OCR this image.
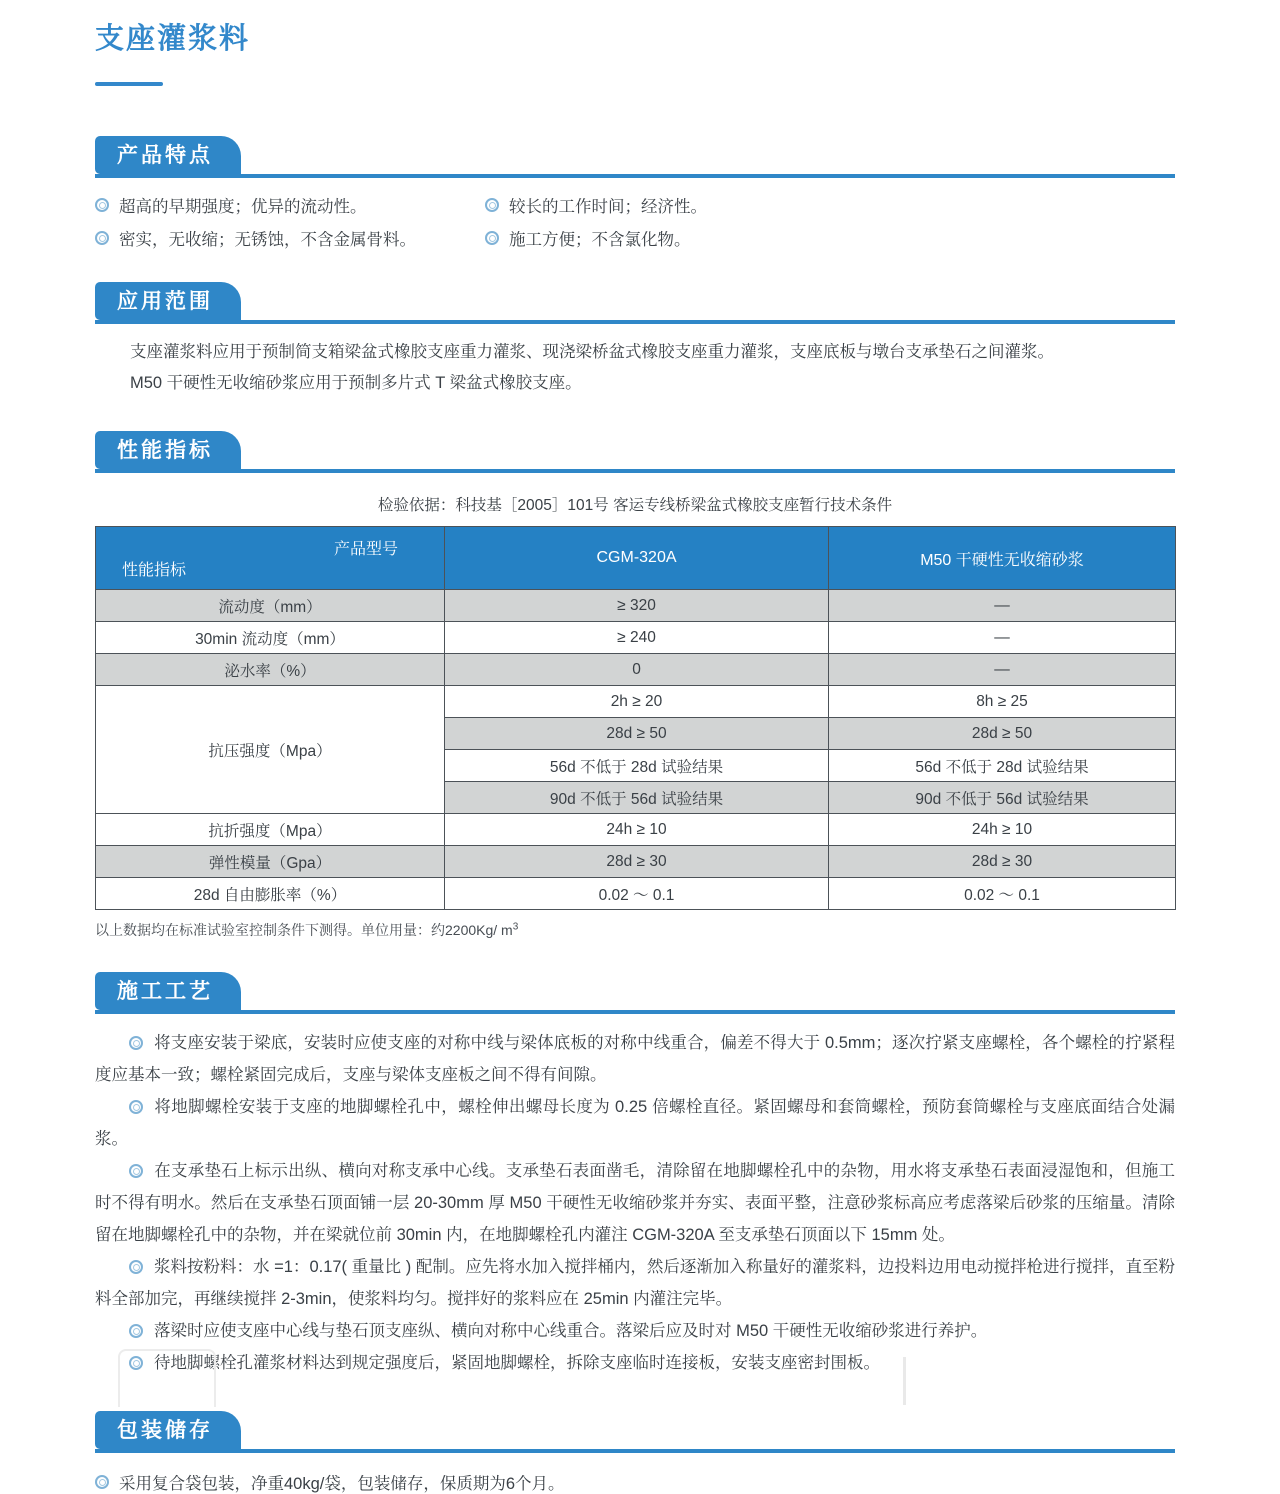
支座灌浆料
产品特点
超高的早期强度；优异的流动性。	较长的工作时间；经济性。
密实，无收缩；无锈蚀，不含金属骨料。	施工方便；不含氯化物。
应用范围

支座灌浆料应用于预制简支箱梁盆式橡胶支座重力灌浆、现浇梁桥盆式橡胶支座重力灌浆，支座底板与墩台支承垫石之间灌浆。

M50 干硬性无收缩砂浆应用于预制多片式 T 梁盆式橡胶支座。

性能指标
检验依据：科技基［2005］101号 客运专线桥梁盆式橡胶支座暂行技术条件
产品型号
性能指标	CGM-320A	M50 干硬性无收缩砂浆
流动度（mm）	≥ 320	—
30min 流动度（mm）	≥ 240	—
泌水率（%）	0	—
抗压强度（Mpa）	2h ≥ 20	8h ≥ 25
	28d ≥ 50	28d ≥ 50
	56d 不低于 28d 试验结果	56d 不低于 28d 试验结果
	90d 不低于 56d 试验结果	90d 不低于 56d 试验结果
抗折强度（Mpa）	24h ≥ 10	24h ≥ 10
弹性模量（Gpa）	28d ≥ 30	28d ≥ 30
28d 自由膨胀率（%）	0.02 ～ 0.1	0.02 ～ 0.1
以上数据均在标准试验室控制条件下测得。单位用量：约2200Kg/ $m^3$
施工工艺

将支座安装于梁底，安装时应使支座的对称中线与梁体底板的对称中线重合，偏差不得大于 0.5mm；逐次拧紧支座螺栓，各个螺栓的拧紧程度应基本一致；螺栓紧固完成后，支座与梁体支座板之间不得有间隙。

将地脚螺栓安装于支座的地脚螺栓孔中，螺栓伸出螺母长度为 0.25 倍螺栓直径。紧固螺母和套筒螺栓，预防套筒螺栓与支座底面结合处漏浆。

在支承垫石上标示出纵、横向对称支承中心线。支承垫石表面凿毛，清除留在地脚螺栓孔中的杂物，用水将支承垫石表面浸湿饱和，但施工时不得有明水。然后在支承垫石顶面铺一层 20-30mm 厚 M50 干硬性无收缩砂浆并夯实、表面平整，注意砂浆标高应考虑落梁后砂浆的压缩量。清除留在地脚螺栓孔中的杂物，并在梁就位前 30min 内，在地脚螺栓孔内灌注 CGM-320A 至支承垫石顶面以下 15mm 处。

浆料按粉料：水 =1：0.17( 重量比 ) 配制。应先将水加入搅拌桶内，然后逐渐加入称量好的灌浆料，边投料边用电动搅拌枪进行搅拌，直至粉料全部加完，再继续搅拌 2-3min，使浆料均匀。搅拌好的浆料应在 25min 内灌注完毕。

落梁时应使支座中心线与垫石顶支座纵、横向对称中心线重合。落梁后应及时对 M50 干硬性无收缩砂浆进行养护。

待地脚螺栓孔灌浆材料达到规定强度后，紧固地脚螺栓，拆除支座临时连接板，安装支座密封围板。

包装储存
采用复合袋包装，净重40kg/袋，包装储存，保质期为6个月。
